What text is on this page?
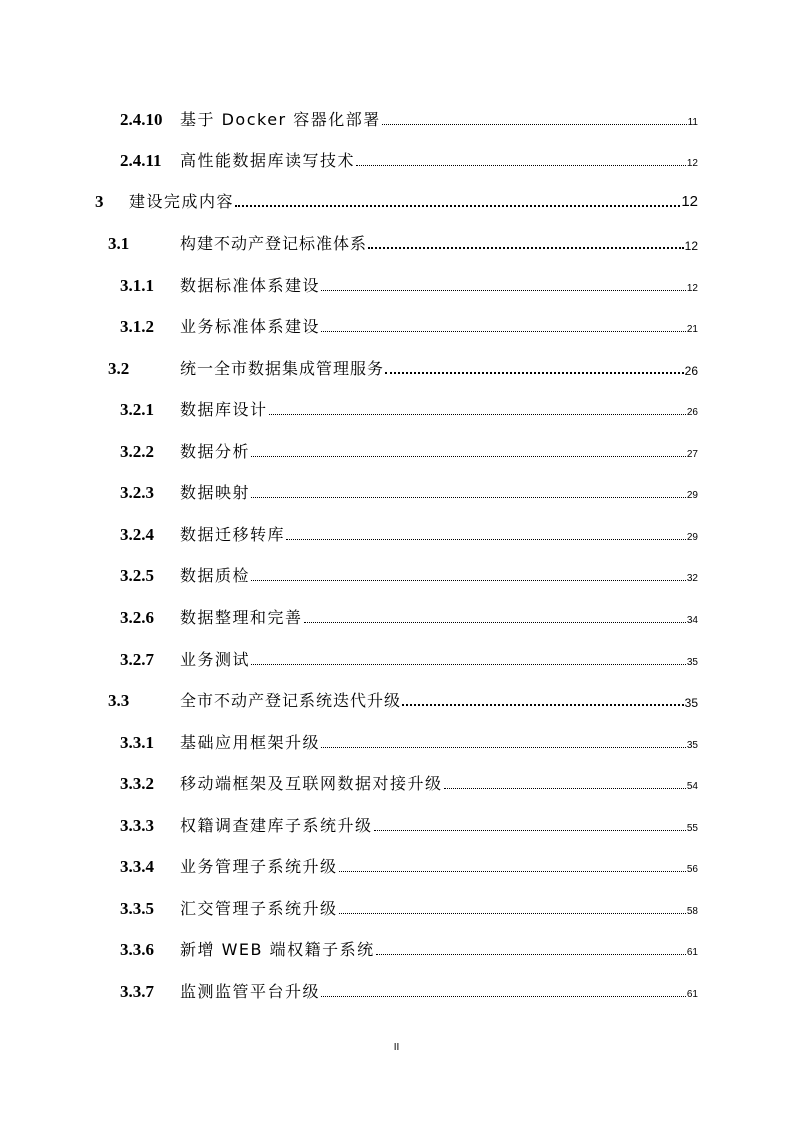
2.4.10	基于 Docker 容器化部署	11
2.4.11	高性能数据库读写技术	12
3	建设完成内容	12
3.1	构建不动产登记标准体系	12
3.1.1	数据标准体系建设	12
3.1.2	业务标准体系建设	21
3.2	统一全市数据集成管理服务	26
3.2.1	数据库设计	26
3.2.2	数据分析	27
3.2.3	数据映射	29
3.2.4	数据迁移转库	29
3.2.5	数据质检	32
3.2.6	数据整理和完善	34
3.2.7	业务测试	35
3.3	全市不动产登记系统迭代升级	35
3.3.1	基础应用框架升级	35
3.3.2	移动端框架及互联网数据对接升级	54
3.3.3	权籍调查建库子系统升级	55
3.3.4	业务管理子系统升级	56
3.3.5	汇交管理子系统升级	58
3.3.6	新增 WEB 端权籍子系统	61
3.3.7	监测监管平台升级	61
II
